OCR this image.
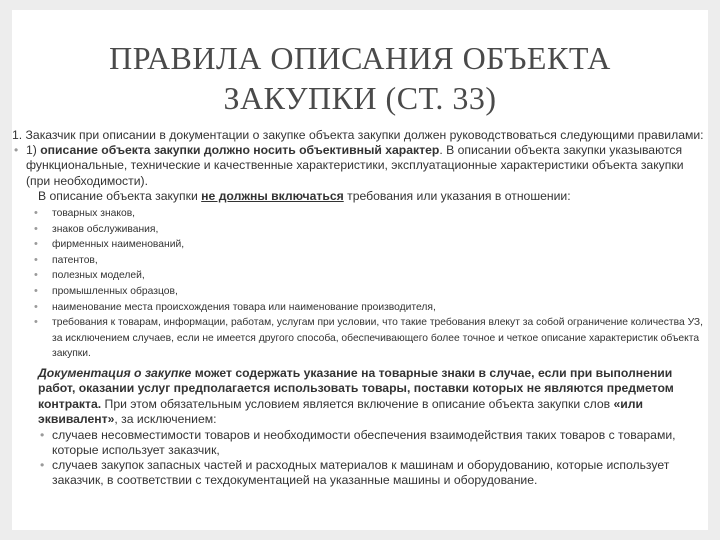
ПРАВИЛА ОПИСАНИЯ ОБЪЕКТА
ЗАКУПКИ (СТ. 33)

1. Заказчик при описании в документации о закупке объекта закупки должен руководствоваться следующими правилами:

• 1) описание объекта закупки должно носить объективный характер. В описании объекта закупки указываются функциональные, технические и качественные характеристики, эксплуатационные характеристики объекта закупки (при необходимости).

В описание объекта закупки не должны включаться требования или указания в отношении:

• товарных знаков,
• знаков обслуживания,
• фирменных наименований,
• патентов,
• полезных моделей,
• промышленных образцов,
• наименование места происхождения товара или наименование производителя,
• требования к товарам, информации, работам, услугам при условии, что такие требования влекут за собой ограничение количества УЗ, за исключением случаев, если не имеется другого способа, обеспечивающего более точное и четкое описание характеристик объекта закупки.

Документация о закупке может содержать указание на товарные знаки в случае, если при выполнении работ, оказании услуг предполагается использовать товары, поставки которых не являются предметом контракта. При этом обязательным условием является включение в описание объекта закупки слов «или эквивалент», за исключением:

• случаев несовместимости товаров и необходимости обеспечения взаимодействия таких товаров с товарами, которые использует заказчик,
• случаев закупок запасных частей и расходных материалов к машинам и оборудованию, которые использует заказчик, в соответствии с техдокументацией на указанные машины и оборудование.
